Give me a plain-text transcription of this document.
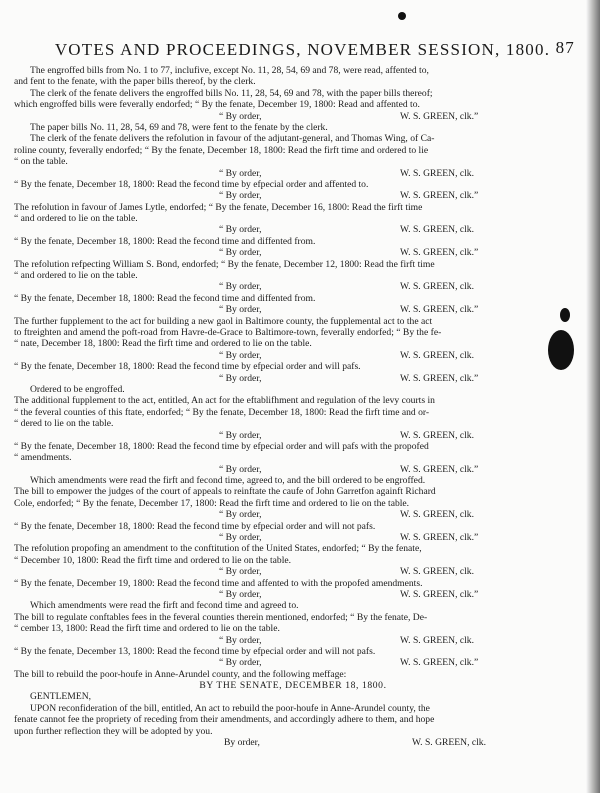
VOTES AND PROCEEDINGS, NOVEMBER SESSION, 1800. 87
The engroffed bills from No. 1 to 77, inclufive, except No. 11, 28, 54, 69 and 78, were read, affented to,
and fent to the fenate, with the paper bills thereof, by the clerk.
The clerk of the fenate delivers the engroffed bills No. 11, 28, 54, 69 and 78, with the paper bills thereof;
which engroffed bills were feverally endorfed; “ By the fenate, December 19, 1800: Read and affented to.
“ By order,	W. S. GREEN, clk.”
The paper bills No. 11, 28, 54, 69 and 78, were fent to the fenate by the clerk.
The clerk of the fenate delivers the refolution in favour of the adjutant-general, and Thomas Wing, of Ca-
roline county, feverally endorfed; “ By the fenate, December 18, 1800: Read the firft time and ordered to lie
“ on the table.
“ By order,	W. S. GREEN, clk.
“ By the fenate, December 18, 1800: Read the fecond time by efpecial order and affented to.
“ By order,	W. S. GREEN, clk.”
The refolution in favour of James Lytle, endorfed; “ By the fenate, December 16, 1800: Read the firft time
“ and ordered to lie on the table.
“ By order,	W. S. GREEN, clk.
“ By the fenate, December 18, 1800: Read the fecond time and diffented from.
“ By order,	W. S. GREEN, clk.”
The refolution refpecting William S. Bond, endorfed; “ By the fenate, December 12, 1800: Read the firft time
“ and ordered to lie on the table.
“ By order,	W. S. GREEN, clk.
“ By the fenate, December 18, 1800: Read the fecond time and diffented from.
“ By order,	W. S. GREEN, clk.”
The further fupplement to the act for building a new gaol in Baltimore county, the fupplemental act to the act
to ftreighten and amend the poft-road from Havre-de-Grace to Baltimore-town, feverally endorfed; “ By the fe-
“ nate, December 18, 1800: Read the firft time and ordered to lie on the table.
“ By order,	W. S. GREEN, clk.
“ By the fenate, December 18, 1800: Read the fecond time by efpecial order and will pafs.
“ By order,	W. S. GREEN, clk.”
Ordered to be engroffed.
The additional fupplement to the act, entitled, An act for the eftablifhment and regulation of the levy courts in
“ the feveral counties of this ftate, endorfed; “ By the fenate, December 18, 1800: Read the firft time and or-
“ dered to lie on the table.
“ By order,	W. S. GREEN, clk.
“ By the fenate, December 18, 1800: Read the fecond time by efpecial order and will pafs with the propofed
“ amendments.
“ By order,	W. S. GREEN, clk.”
Which amendments were read the firft and fecond time, agreed to, and the bill ordered to be engroffed.
The bill to empower the judges of the court of appeals to reinftate the caufe of John Garretfon againft Richard
Cole, endorfed; “ By the fenate, December 17, 1800: Read the firft time and ordered to lie on the table.
“ By order,	W. S. GREEN, clk.
“ By the fenate, December 18, 1800: Read the fecond time by efpecial order and will not pafs.
“ By order,	W. S. GREEN, clk.”
The refolution propofing an amendment to the conftitution of the United States, endorfed; “ By the fenate,
“ December 10, 1800: Read the firft time and ordered to lie on the table.
“ By order,	W. S. GREEN, clk.
“ By the fenate, December 19, 1800: Read the fecond time and affented to with the propofed amendments.
“ By order,	W. S. GREEN, clk.”
Which amendments were read the firft and fecond time and agreed to.
The bill to regulate conftables fees in the feveral counties therein mentioned, endorfed; “ By the fenate, De-
“ cember 13, 1800: Read the firft time and ordered to lie on the table.
“ By order,	W. S. GREEN, clk.
“ By the fenate, December 13, 1800: Read the fecond time by efpecial order and will not pafs.
“ By order,	W. S. GREEN, clk.”
The bill to rebuild the poor-houfe in Anne-Arundel county, and the following meffage:
BY THE SENATE, DECEMBER 18, 1800.
GENTLEMEN,
UPON reconfideration of the bill, entitled, An act to rebuild the poor-houfe in Anne-Arundel county, the
fenate cannot fee the propriety of receding from their amendments, and accordingly adhere to them, and hope
upon further reflection they will be adopted by you.
By order,	W. S. GREEN, clk.
